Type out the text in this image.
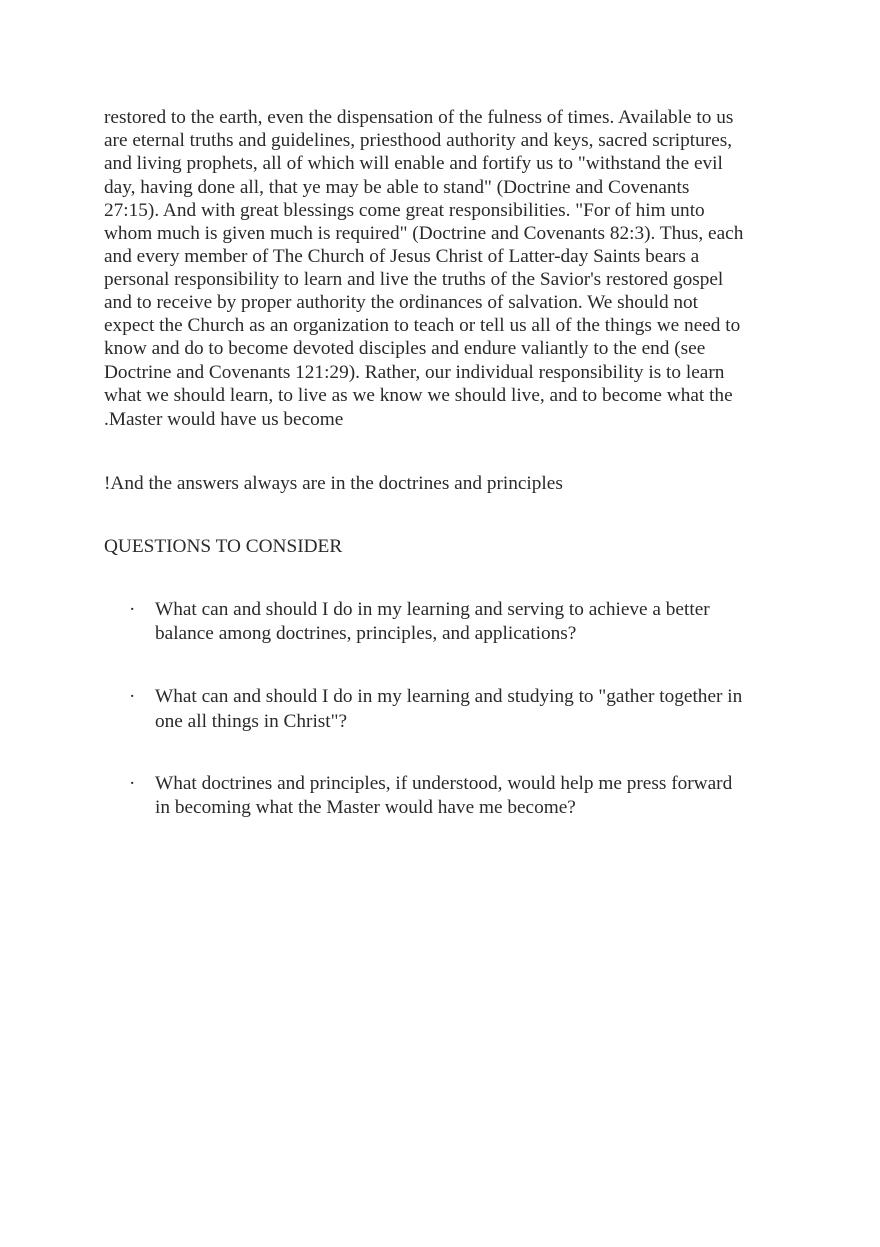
restored to the earth, even the dispensation of the fulness of times. Available to us
are eternal truths and guidelines, priesthood authority and keys, sacred scriptures,
and living prophets, all of which will enable and fortify us to "withstand the evil
day, having done all, that ye may be able to stand" (Doctrine and Covenants
27:15). And with great blessings come great responsibilities. "For of him unto
whom much is given much is required" (Doctrine and Covenants 82:3). Thus, each
and every member of The Church of Jesus Christ of Latter-day Saints bears a
personal responsibility to learn and live the truths of the Savior's restored gospel
and to receive by proper authority the ordinances of salvation. We should not
expect the Church as an organization to teach or tell us all of the things we need to
know and do to become devoted disciples and endure valiantly to the end (see
Doctrine and Covenants 121:29). Rather, our individual responsibility is to learn
what we should learn, to live as we know we should live, and to become what the
.Master would have us become
!And the answers always are in the doctrines and principles
QUESTIONS TO CONSIDER
· What can and should I do in my learning and serving to achieve a better
balance among doctrines, principles, and applications?
· What can and should I do in my learning and studying to "gather together in
one all things in Christ"?
· What doctrines and principles, if understood, would help me press forward
in becoming what the Master would have me become?
